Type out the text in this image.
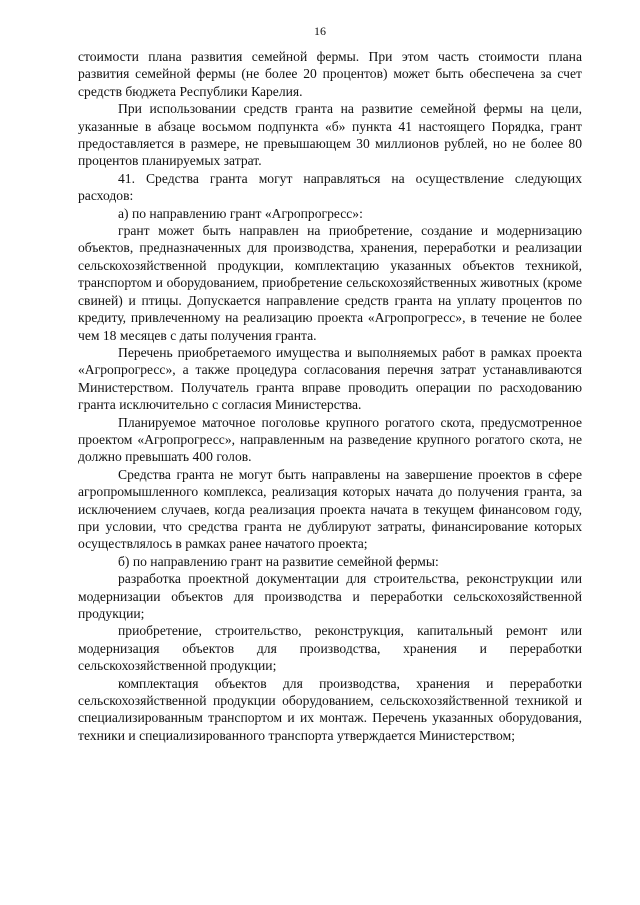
16

стоимости плана развития семейной фермы. При этом часть стоимости плана развития семейной фермы (не более 20 процентов) может быть обеспечена за счет средств бюджета Республики Карелия.

При использовании средств гранта на развитие семейной фермы на цели, указанные в абзаце восьмом подпункта «б» пункта 41 настоящего Порядка, грант предоставляется в размере, не превышающем 30 миллионов рублей, но не более 80 процентов планируемых затрат.

41. Средства гранта могут направляться на осуществление следующих расходов:

а) по направлению грант «Агропрогресс»:

грант может быть направлен на приобретение, создание и модернизацию объектов, предназначенных для производства, хранения, переработки и реализации сельскохозяйственной продукции, комплектацию указанных объектов техникой, транспортом и оборудованием, приобретение сельскохозяйственных животных (кроме свиней) и птицы. Допускается направление средств гранта на уплату процентов по кредиту, привлеченному на реализацию проекта «Агропрогресс», в течение не более чем 18 месяцев с даты получения гранта.

Перечень приобретаемого имущества и выполняемых работ в рамках проекта «Агропрогресс», а также процедура согласования перечня затрат устанавливаются Министерством. Получатель гранта вправе проводить операции по расходованию гранта исключительно с согласия Министерства.

Планируемое маточное поголовье крупного рогатого скота, предусмотренное проектом «Агропрогресс», направленным на разведение крупного рогатого скота, не должно превышать 400 голов.

Средства гранта не могут быть направлены на завершение проектов в сфере агропромышленного комплекса, реализация которых начата до получения гранта, за исключением случаев, когда реализация проекта начата в текущем финансовом году, при условии, что средства гранта не дублируют затраты, финансирование которых осуществлялось в рамках ранее начатого проекта;

б) по направлению грант на развитие семейной фермы:

разработка проектной документации для строительства, реконструкции или модернизации объектов для производства и переработки сельскохозяйственной продукции;

приобретение, строительство, реконструкция, капитальный ремонт или модернизация объектов для производства, хранения и переработки сельскохозяйственной продукции;

комплектация объектов для производства, хранения и переработки сельскохозяйственной продукции оборудованием, сельскохозяйственной техникой и специализированным транспортом и их монтаж. Перечень указанных оборудования, техники и специализированного транспорта утверждается Министерством;
